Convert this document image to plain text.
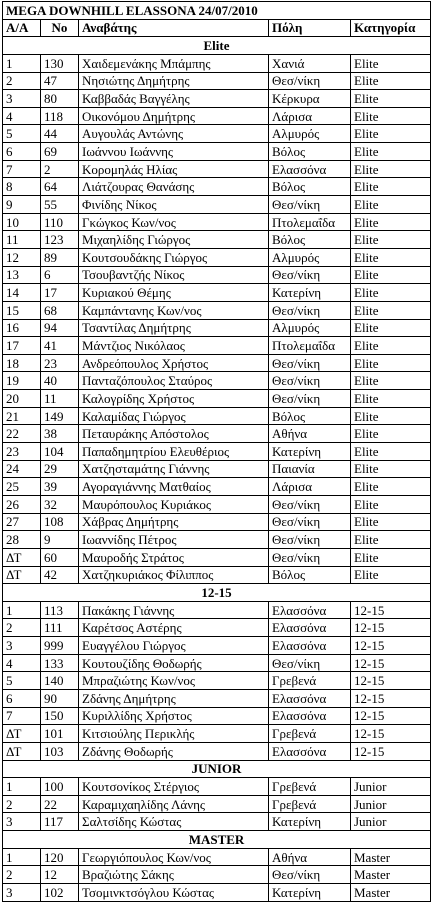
MEGA DOWNHILL ELASSONA 24/07/2010				
Α/Α	No	Αναβάτης	Πόλη	Κατηγορία
Elite				
1	130	Χαιδεμενάκης Μπάμπης	Χανιά	Elite
2	47	Νησιώτης Δημήτρης	Θεσ/νίκη	Elite
3	80	Καββαδάς Βαγγέλης	Κέρκυρα	Elite
4	118	Οικονόμου Δημήτρης	Λάρισα	Elite
5	44	Αυγουλάς Αντώνης	Αλμυρός	Elite
6	69	Ιωάννου Ιωάννης	Βόλος	Elite
7	2	Κορομηλάς Ηλίας	Ελασσόνα	Elite
8	64	Λιάτζουρας Θανάσης	Βόλος	Elite
9	55	Φινίδης Νίκος	Θεσ/νίκη	Elite
10	110	Γκώγκος Κων/νος	Πτολεμαΐδα	Elite
11	123	Μιχαηλίδης Γιώργος	Βόλος	Elite
12	89	Κουτσουδάκης Γιώργος	Αλμυρός	Elite
13	6	Τσουβαντζής Νίκος	Θεσ/νίκη	Elite
14	17	Κυριακού Θέμης	Κατερίνη	Elite
15	68	Καμπάντανης Κων/νος	Θεσ/νίκη	Elite
16	94	Τσαντίλας Δημήτρης	Αλμυρός	Elite
17	41	Μάντζιος Νικόλαος	Πτολεμαΐδα	Elite
18	23	Ανδρεόπουλος Χρήστος	Θεσ/νίκη	Elite
19	40	Πανταζόπουλος Σταύρος	Θεσ/νίκη	Elite
20	11	Καλογρίδης Χρήστος	Θεσ/νίκη	Elite
21	149	Καλαμίδας Γιώργος	Βόλος	Elite
22	38	Πεταυράκης Απόστολος	Αθήνα	Elite
23	104	Παπαδημητρίου Ελευθέριος	Κατερίνη	Elite
24	29	Χατζησταμάτης Γιάννης	Παιανία	Elite
25	39	Αγοραγιάννης Ματθαίος	Λάρισα	Elite
26	32	Μαυρόπουλος Κυριάκος	Θεσ/νίκη	Elite
27	108	Χάβρας Δημήτρης	Θεσ/νίκη	Elite
28	9	Ιωαννίδης Πέτρος	Θεσ/νίκη	Elite
ΔΤ	60	Μαυροδής Στράτος	Θεσ/νίκη	Elite
ΔΤ	42	Χατζηκυριάκος Φίλιππος	Βόλος	Elite
12-15				
1	113	Πακάκης Γιάννης	Ελασσόνα	12-15
2	111	Καρέτσος Αστέρης	Ελασσόνα	12-15
3	999	Ευαγγέλου Γιώργος	Ελασσόνα	12-15
4	133	Κουτουζίδης Θοδωρής	Θεσ/νίκη	12-15
5	140	Μπραζιώτης Κων/νος	Γρεβενά	12-15
6	90	Ζδάνης Δημήτρης	Ελασσόνα	12-15
7	150	Κυριλλίδης Χρήστος	Ελασσόνα	12-15
ΔΤ	101	Κιτσιούλης Περικλής	Γρεβενά	12-15
ΔΤ	103	Ζδάνης Θοδωρής	Ελασσόνα	12-15
JUNIOR				
1	100	Κουτσονίκος Στέργιος	Γρεβενά	Junior
2	22	Καραμιχαηλίδης Λάνης	Γρεβενά	Junior
3	117	Σαλτσίδης Κώστας	Κατερίνη	Junior
MASTER				
1	120	Γεωργιόπουλος Κων/νος	Αθήνα	Master
2	12	Βραζιώτης Σάκης	Θεσ/νίκη	Master
3	102	Τσομινκτσόγλου Κώστας	Κατερίνη	Master
